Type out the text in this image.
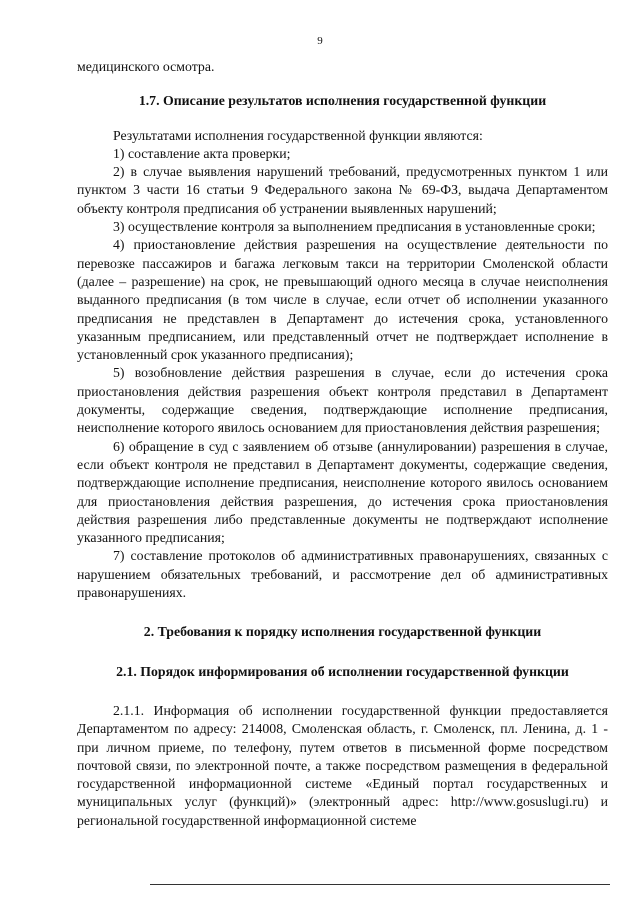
9

медицинского осмотра.

1.7. Описание результатов исполнения государственной функции

Результатами исполнения государственной функции являются:

1) составление акта проверки;

2) в случае выявления нарушений требований, предусмотренных пунктом 1 или пунктом 3 части 16 статьи 9 Федерального закона № 69-ФЗ, выдача Департаментом объекту контроля предписания об устранении выявленных нарушений;

3) осуществление контроля за выполнением предписания в установленные сроки;

4) приостановление действия разрешения на осуществление деятельности по перевозке пассажиров и багажа легковым такси на территории Смоленской области (далее – разрешение) на срок, не превышающий одного месяца в случае неисполнения выданного предписания (в том числе в случае, если отчет об исполнении указанного предписания не представлен в Департамент до истечения срока, установленного указанным предписанием, или представленный отчет не подтверждает исполнение в установленный срок указанного предписания);

5) возобновление действия разрешения в случае, если до истечения срока приостановления действия разрешения объект контроля представил в Департамент документы, содержащие сведения, подтверждающие исполнение предписания, неисполнение которого явилось основанием для приостановления действия разрешения;

6) обращение в суд с заявлением об отзыве (аннулировании) разрешения в случае, если объект контроля не представил в Департамент документы, содержащие сведения, подтверждающие исполнение предписания, неисполнение которого явилось основанием для приостановления действия разрешения, до истечения срока приостановления действия разрешения либо представленные документы не подтверждают исполнение указанного предписания;

7) составление протоколов об административных правонарушениях, связанных с нарушением обязательных требований, и рассмотрение дел об административных правонарушениях.

2. Требования к порядку исполнения государственной функции

2.1. Порядок информирования об исполнении государственной функции

2.1.1. Информация об исполнении государственной функции предоставляется Департаментом по адресу: 214008, Смоленская область, г. Смоленск, пл. Ленина, д. 1 - при личном приеме, по телефону, путем ответов в письменной форме посредством почтовой связи, по электронной почте, а также посредством размещения в федеральной государственной информационной системе «Единый портал государственных и муниципальных услуг (функций)» (электронный адрес: http://www.gosuslugi.ru) и региональной государственной информационной системе
